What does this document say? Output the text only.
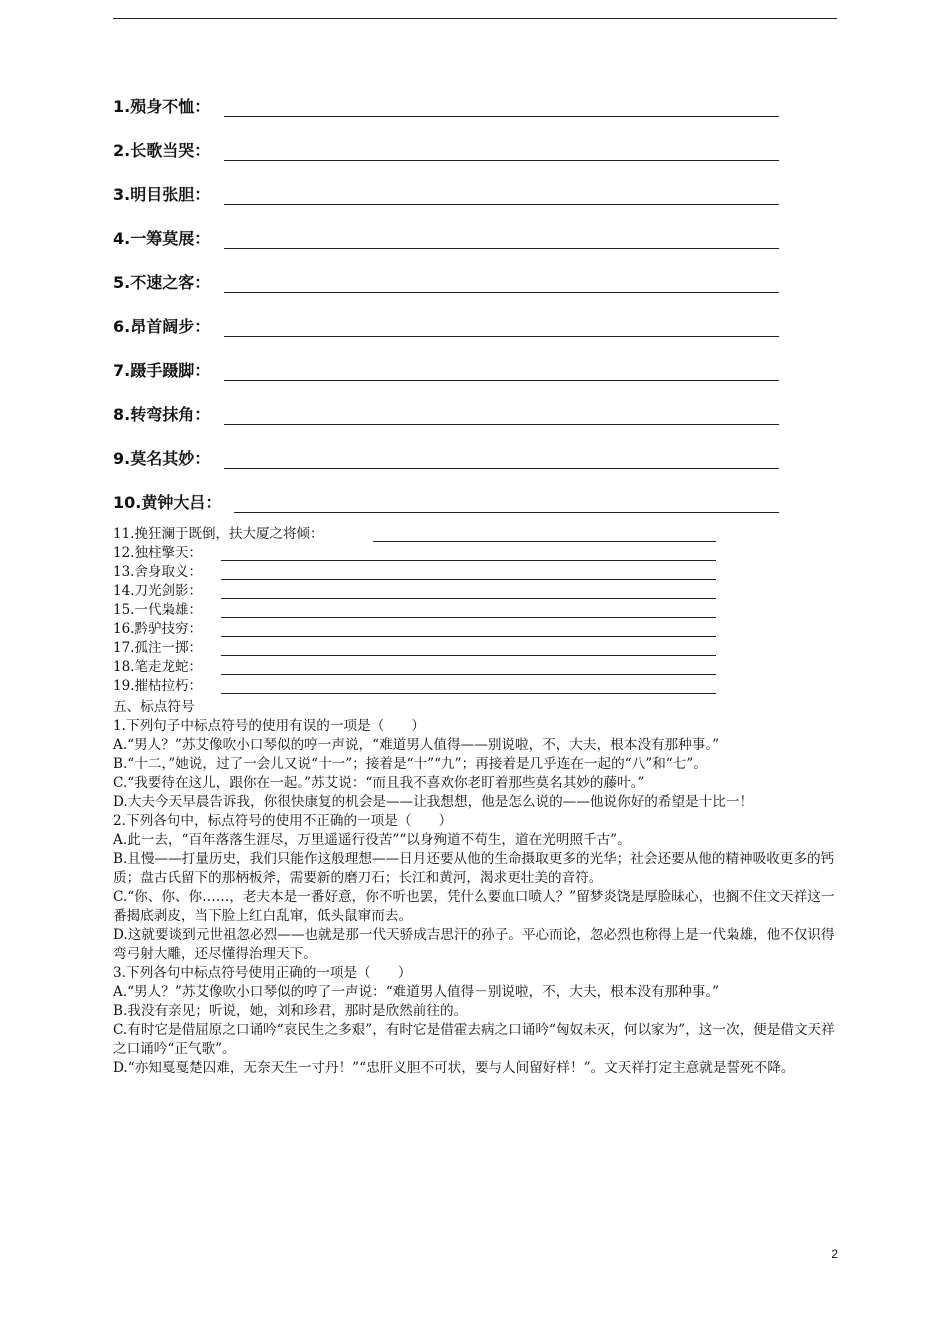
1.殒身不恤：
2.长歌当哭：
3.明目张胆：
4.一筹莫展：
5.不速之客：
6.昂首阔步：
7.蹑手蹑脚：
8.转弯抹角：
9.莫名其妙：
10.黄钟大吕：
11.挽狂澜于既倒，扶大厦之将倾：
12.独柱擎天：
13.舍身取义：
14.刀光剑影：
15.一代枭雄：
16.黔驴技穷：
17.孤注一掷：
18.笔走龙蛇：
19.摧枯拉朽：

五、标点符号

1.下列句子中标点符号的使用有误的一项是（　　）

A.“男人？”苏艾像吹小口琴似的哼一声说，“难道男人值得——别说啦，不，大夫，根本没有那种事。”

B.“十二，”她说，过了一会儿又说“十一”；接着是“十”“九”；再接着是几乎连在一起的“八”和“七”。

C.“我要待在这儿，跟你在一起。”苏艾说：“而且我不喜欢你老盯着那些莫名其妙的藤叶。”

D.大夫今天早晨告诉我，你很快康复的机会是——让我想想，他是怎么说的——他说你好的希望是十比一！

2.下列各句中，标点符号的使用不正确的一项是（　　）

A.此一去，“百年落落生涯尽，万里遥遥行役苦”“以身殉道不苟生，道在光明照千古”。

B.且慢——打量历史，我们只能作这般理想——日月还要从他的生命摄取更多的光华；社会还要从他的精神吸收更多的钙质；盘古氏留下的那柄板斧，需要新的磨刀石；长江和黄河，渴求更壮美的音符。

C.“你、你、你……，老夫本是一番好意，你不听也罢，凭什么要血口喷人？”留梦炎饶是厚脸昧心，也搁不住文天祥这一番揭底剥皮，当下脸上红白乱窜，低头鼠窜而去。

D.这就要谈到元世祖忽必烈——也就是那一代天骄成吉思汗的孙子。平心而论，忽必烈也称得上是一代枭雄，他不仅识得弯弓射大雕，还尽懂得治理天下。

3.下列各句中标点符号使用正确的一项是（　　）

A.“男人？”苏艾像吹小口琴似的哼了一声说：“难道男人值得－别说啦，不，大夫，根本没有那种事。”

B.我没有亲见；听说，她，刘和珍君，那时是欣然前往的。

C.有时它是借屈原之口诵吟“哀民生之多艰”，有时它是借霍去病之口诵吟“匈奴未灭，何以家为”，这一次，便是借文天祥之口诵吟“正气歌”。

D.“亦知戛戛楚囚难，无奈天生一寸丹！”“忠肝义胆不可状，要与人间留好样！”。文天祥打定主意就是誓死不降。

2
